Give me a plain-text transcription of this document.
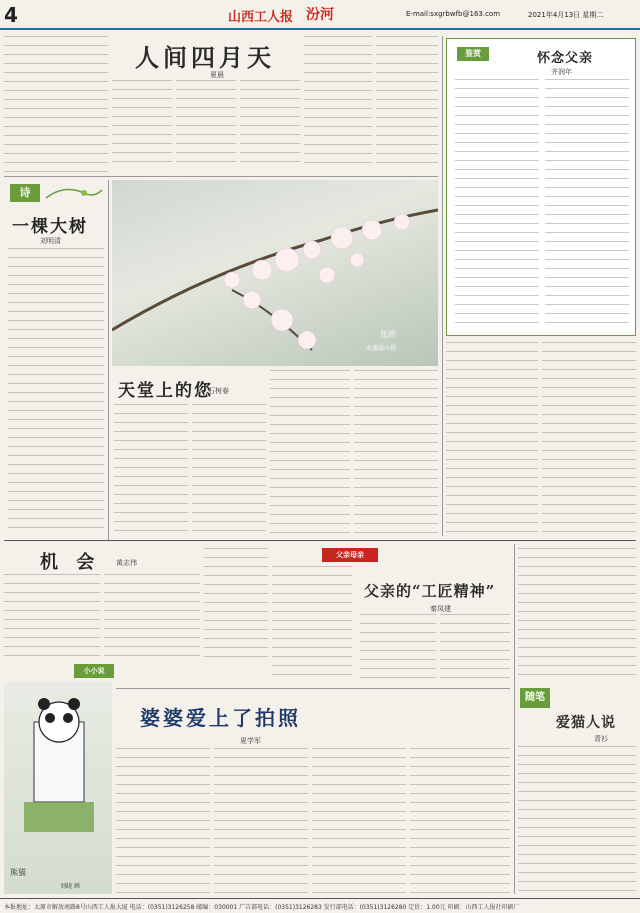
4	山西工人报 汾河	E-mail:sxgrbwfb@163.com	2021年4月13日 星期二
人间四月天
夏晨
诗
一棵大树
刘明清
张欣
水墨鼓山摄
天堂上的您
石树春
鉴赏	怀念父亲
齐润年
机 会 黄志伟
小小说
父亲母亲
父亲的“工匠精神”
秦凤建
随笔
爱猫人说
青衫
熊猫
刘晓 画
婆婆爱上了拍照
夏学军
本报地址：太原市解放南路8号山西工人报大厦 电话：(0351)3126258 邮编：030001 广告部电话：(0351)3126283 发行部电话：(0351)3126280 定价：1.00元 印刷：山西工人报社印刷厂
